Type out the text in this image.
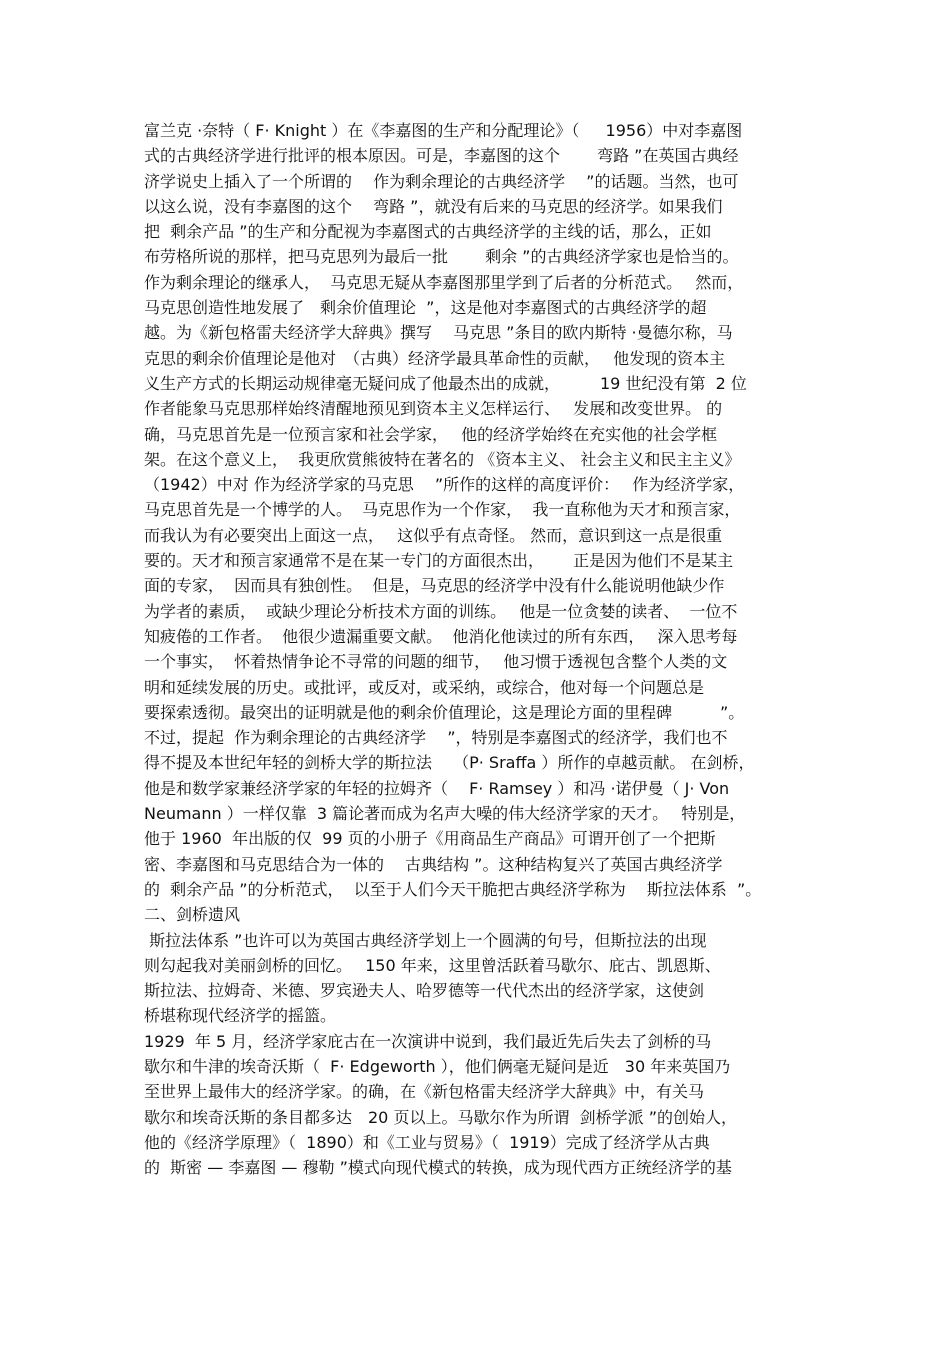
富兰克 ·奈特（ F· Knight ）在《李嘉图的生产和分配理论》（　  1956）中对李嘉图
式的古典经济学进行批评的根本原因。可是，李嘉图的这个　　 弯路 ”在英国古典经
济学说史上插入了一个所谓的　 作为剩余理论的古典经济学　 ”的话题。当然，也可
以这么说，没有李嘉图的这个　 弯路 ”，就没有后来的马克思的经济学。如果我们
把  剩余产品 ”的生产和分配视为李嘉图式的古典经济学的主线的话，那么，正如
布劳格所说的那样，把马克思列为最后一批　　 剩余 ”的古典经济学家也是恰当的。
作为剩余理论的继承人，  马克思无疑从李嘉图那里学到了后者的分析范式。　 然而，
马克思创造性地发展了　剩余价值理论  ”，这是他对李嘉图式的古典经济学的超
越。为《新包格雷夫经济学大辞典》撰写　 马克思 ”条目的欧内斯特 ·曼德尔称，马
克思的剩余价值理论是他对　（古典）经济学最具革命性的贡献，　 他发现的资本主
义生产方式的长期运动规律毫无疑问成了他最杰出的成就，　　　19 世纪没有第  2 位
作者能象马克思那样始终清醒地预见到资本主义怎样运行、　 发展和改变世界。 的
确，马克思首先是一位预言家和社会学家，　 他的经济学始终在充实他的社会学框
架。在这个意义上，  我更欣赏熊彼特在著名的 《资本主义、 社会主义和民主主义》
（1942）中对 作为经济学家的马克思　 ”所作的这样的高度评价：　 作为经济学家，
马克思首先是一个博学的人。  马克思作为一个作家，  我一直称他为天才和预言家，
而我认为有必要突出上面这一点，　 这似乎有点奇怪。 然而，意识到这一点是很重
要的。天才和预言家通常不是在某一专门的方面很杰出，　　 正是因为他们不是某主
面的专家，  因而具有独创性。  但是，马克思的经济学中没有什么能说明他缺少作
为学者的素质，  或缺少理论分析技术方面的训练。　 他是一位贪婪的读者、  一位不
知疲倦的工作者。  他很少遗漏重要文献。  他消化他读过的所有东西，　 深入思考每
一个事实，  怀着热情争论不寻常的问题的细节，　 他习惯于透视包含整个人类的文
明和延续发展的历史。或批评，或反对，或采纳，或综合，他对每一个问题总是
要探索透彻。最突出的证明就是他的剩余价值理论，这是理论方面的里程碑　　　”。
不过，提起  作为剩余理论的古典经济学　 ”，特别是李嘉图式的经济学，我们也不
得不提及本世纪年轻的剑桥大学的斯拉法　 （P· Sraffa ）所作的卓越贡献。 在剑桥，
他是和数学家兼经济学家的年轻的拉姆齐（　 F· Ramsey ）和冯 ·诺伊曼（ J· Von
Neumann ）一样仅靠  3 篇论著而成为名声大噪的伟大经济学家的天才。　 特别是，
他于 1960  年出版的仅  99 页的小册子《用商品生产商品》可谓开创了一个把斯
密、李嘉图和马克思结合为一体的　 古典结构 ”。这种结构复兴了英国古典经济学
的  剩余产品 ”的分析范式，  以至于人们今天干脆把古典经济学称为　 斯拉法体系  ”。
二、剑桥遗风
斯拉法体系 ”也许可以为英国古典经济学划上一个圆满的句号，但斯拉法的出现
则勾起我对美丽剑桥的回忆。　 150 年来，这里曾活跃着马歇尔、庇古、凯恩斯、
斯拉法、拉姆奇、米德、罗宾逊夫人、哈罗德等一代代杰出的经济学家，这使剑
桥堪称现代经济学的摇篮。
1929  年 5 月，经济学家庇古在一次演讲中说到，我们最近先后失去了剑桥的马
歇尔和牛津的埃奇沃斯（  F· Edgeworth ），他们俩毫无疑问是近　30 年来英国乃
至世界上最伟大的经济学家。的确，在《新包格雷夫经济学大辞典》中，有关马
歇尔和埃奇沃斯的条目都多达　20 页以上。马歇尔作为所谓  剑桥学派 ”的创始人，
他的《经济学原理》（  1890）和《工业与贸易》（  1919）完成了经济学从古典
的  斯密 — 李嘉图 — 穆勒 ”模式向现代模式的转换，成为现代西方正统经济学的基
